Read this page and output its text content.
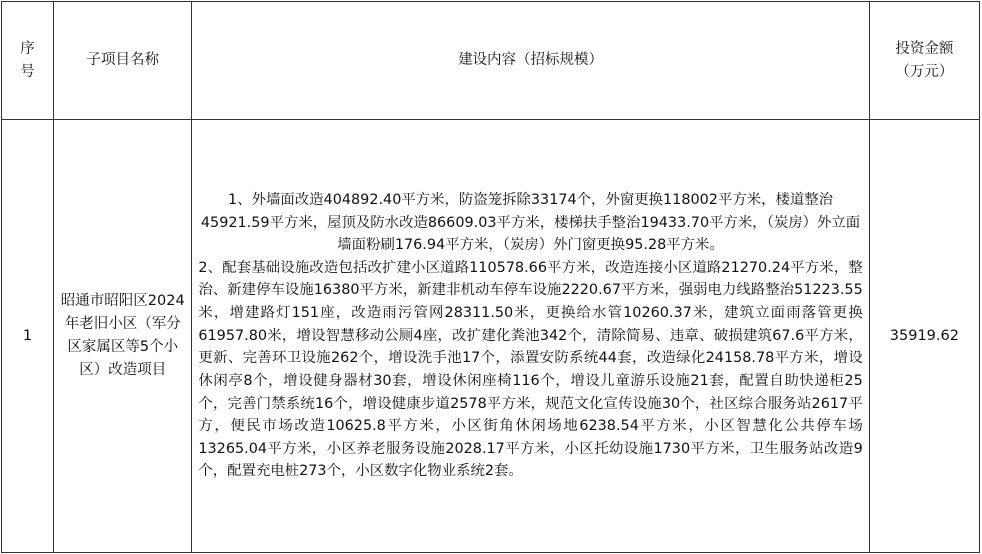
序号	子项目名称	建设内容（招标规模）	投资金额（万元）
1	昭通市昭阳区2024年老旧小区（军分区家属区等5个小区）改造项目	1、外墙面改造404892.40平方米，防盗笼拆除33174个，外窗更换118002平方米，楼道整治45921.59平方米，屋顶及防水改造86609.03平方米，楼梯扶手整治19433.70平方米，（炭房）外立面墙面粉刷176.94平方米，（炭房）外门窗更换95.28平方米。

2、配套基础设施改造包括改扩建小区道路110578.66平方米，改造连接小区道路21270.24平方米，整治、新建停车设施16380平方米，新建非机动车停车设施2220.67平方米，强弱电力线路整治51223.55米，增建路灯151座，改造雨污管网28311.50米，更换给水管10260.37米，建筑立面雨落管更换61957.80米，增设智慧移动公厕4座，改扩建化粪池342个，清除简易、违章、破损建筑67.6平方米，更新、完善环卫设施262个，增设洗手池17个，添置安防系统44套，改造绿化24158.78平方米，增设休闲亭8个，增设健身器材30套，增设休闲座椅116个，增设儿童游乐设施21套，配置自助快递柜25个，完善门禁系统16个，增设健康步道2578平方米，规范文化宣传设施30个，社区综合服务站2617平方，便民市场改造10625.8平方米，小区街角休闲场地6238.54平方米，小区智慧化公共停车场13265.04平方米，小区养老服务设施2028.17平方米，小区托幼设施1730平方米，卫生服务站改造9个，配置充电桩273个，小区数字化物业系统2套。	35919.62
